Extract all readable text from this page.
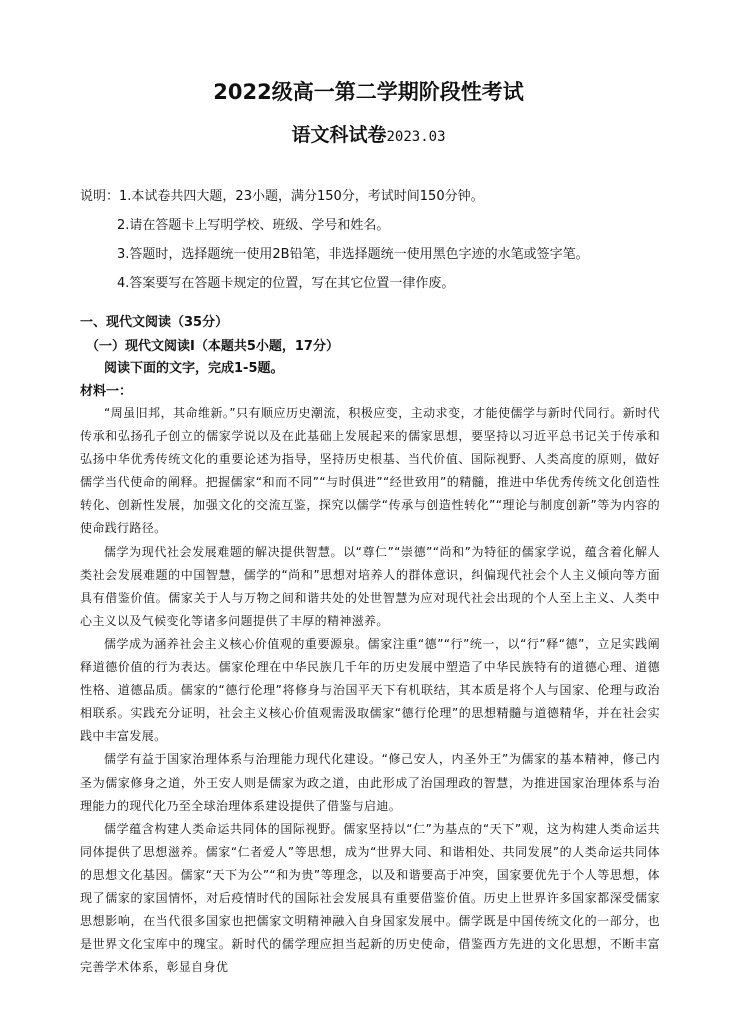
2022级高一第二学期阶段性考试
语文科试卷2023.03
说明：1.本试卷共四大题，23小题，满分150分，考试时间150分钟。
2.请在答题卡上写明学校、班级、学号和姓名。
3.答题时，选择题统一使用2B铅笔，非选择题统一使用黑色字迹的水笔或签字笔。
4.答案要写在答题卡规定的位置，写在其它位置一律作废。
一、现代文阅读（35分）
（一）现代文阅读Ⅰ（本题共5小题，17分）
阅读下面的文字，完成1-5题。
材料一：

“周虽旧邦，其命维新。”只有顺应历史潮流，积极应变，主动求变，才能使儒学与新时代同行。新时代传承和弘扬孔子创立的儒家学说以及在此基础上发展起来的儒家思想，要坚持以习近平总书记关于传承和弘扬中华优秀传统文化的重要论述为指导，坚持历史根基、当代价值、国际视野、人类高度的原则，做好儒学当代使命的阐释。把握儒家“和而不同”“与时俱进”“经世致用”的精髓，推进中华优秀传统文化创造性转化、创新性发展，加强文化的交流互鉴，探究以儒学“传承与创造性转化”“理论与制度创新”等为内容的使命践行路径。

儒学为现代社会发展难题的解决提供智慧。以“尊仁”“崇德”“尚和”为特征的儒家学说，蕴含着化解人类社会发展难题的中国智慧，儒学的“尚和”思想对培养人的群体意识，纠偏现代社会个人主义倾向等方面具有借鉴价值。儒家关于人与万物之间和谐共处的处世智慧为应对现代社会出现的个人至上主义、人类中心主义以及气候变化等诸多问题提供了丰厚的精神滋养。

儒学成为涵养社会主义核心价值观的重要源泉。儒家注重“德”“行”统一，以“行”释“德”，立足实践阐释道德价值的行为表达。儒家伦理在中华民族几千年的历史发展中塑造了中华民族特有的道德心理、道德性格、道德品质。儒家的“德行伦理”将修身与治国平天下有机联结，其本质是将个人与国家、伦理与政治相联系。实践充分证明，社会主义核心价值观需汲取儒家“德行伦理”的思想精髓与道德精华，并在社会实践中丰富发展。

儒学有益于国家治理体系与治理能力现代化建设。“修己安人，内圣外王”为儒家的基本精神，修己内圣为儒家修身之道，外王安人则是儒家为政之道，由此形成了治国理政的智慧，为推进国家治理体系与治理能力的现代化乃至全球治理体系建设提供了借鉴与启迪。

儒学蕴含构建人类命运共同体的国际视野。儒家坚持以“仁”为基点的“天下”观，这为构建人类命运共同体提供了思想滋养。儒家“仁者爱人”等思想，成为“世界大同、和谐相处、共同发展”的人类命运共同体的思想文化基因。儒家“天下为公”“和为贵”等理念，以及和谐要高于冲突，国家要优先于个人等思想，体现了儒家的家国情怀，对后疫情时代的国际社会发展具有重要借鉴价值。历史上世界许多国家都深受儒家思想影响，在当代很多国家也把儒家文明精神融入自身国家发展中。儒学既是中国传统文化的一部分，也是世界文化宝库中的瑰宝。新时代的儒学理应担当起新的历史使命，借鉴西方先进的文化思想，不断丰富完善学术体系，彰显自身优
